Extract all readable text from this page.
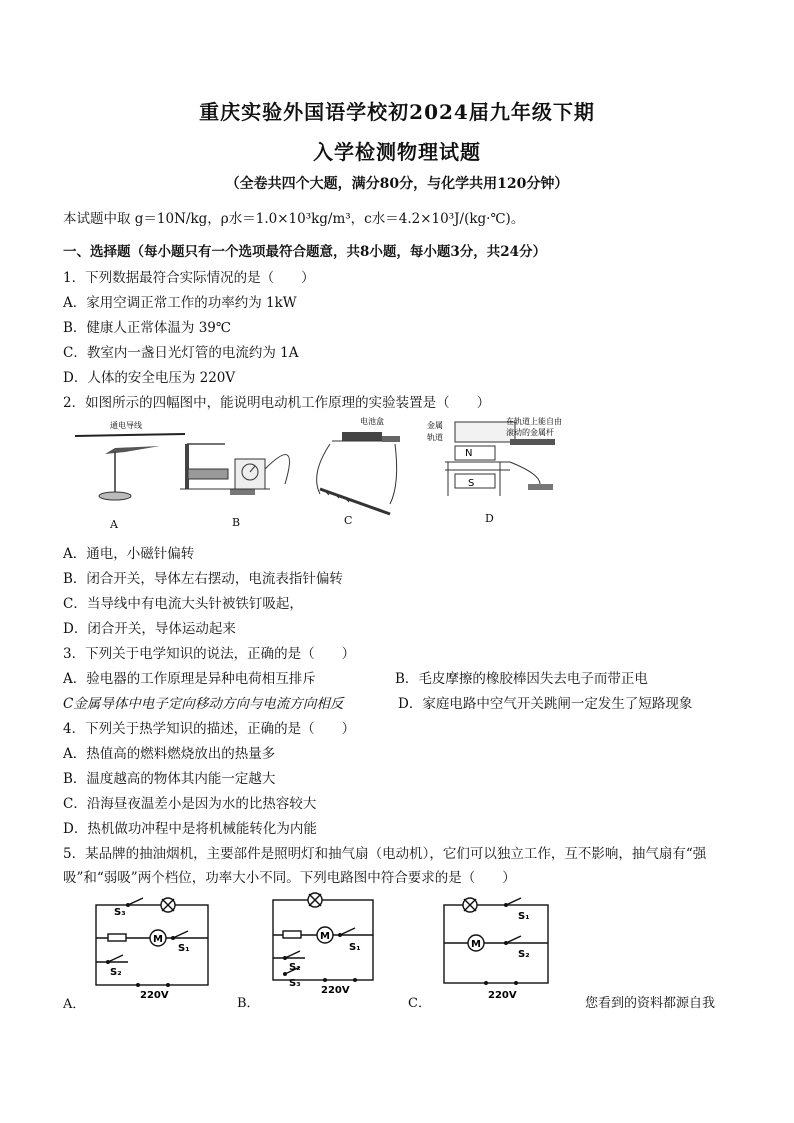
重庆实验外国语学校初2024届九年级下期
入学检测物理试题
（全卷共四个大题，满分80分，与化学共用120分钟）
本试题中取 g＝10N/kg，ρ水＝1.0×10³kg/m³，c水＝4.2×10³J/(kg·℃)。
一、选择题（每小题只有一个选项最符合题意，共8小题，每小题3分，共24分）
1．下列数据最符合实际情况的是（　　）
A．家用空调正常工作的功率约为 1kW
B．健康人正常体温为 39℃
C．教室内一盏日光灯管的电流约为 1A
D．人体的安全电压为 220V
2．如图所示的四幅图中，能说明电动机工作原理的实验装置是（　　）
通电导线	电池盒	金属
轨道
N
S
在轨道上能自由
滚动的金属杆
A	B	C	D
A．通电，小磁针偏转
B．闭合开关，导体左右摆动，电流表指针偏转
C．当导线中有电流大头针被铁钉吸起，
D．闭合开关，导体运动起来
3．下列关于电学知识的说法，正确的是（　　）
A．验电器的工作原理是异种电荷相互排斥	B．毛皮摩擦的橡胶棒因失去电子而带正电
C金属导体中电子定向移动方向与电流方向相反	D．家庭电路中空气开关跳闸一定发生了短路现象
4．下列关于热学知识的描述，正确的是（　　）
A．热值高的燃料燃烧放出的热量多
B．温度越高的物体其内能一定越大
C．沿海昼夜温差小是因为水的比热容较大
D．热机做功冲程中是将机械能转化为内能
5．某品牌的抽油烟机，主要部件是照明灯和抽气扇（电动机），它们可以独立工作，互不影响，抽气扇有“强
吸”和“弱吸”两个档位，功率大小不同。下列电路图中符合要求的是（　　）
S₃
M
S₁
S₂
220V
M
S₁
S₂
S₃
220V
M
S₁
S₂
220V
A．	B．	C．	您看到的资料都源自我
